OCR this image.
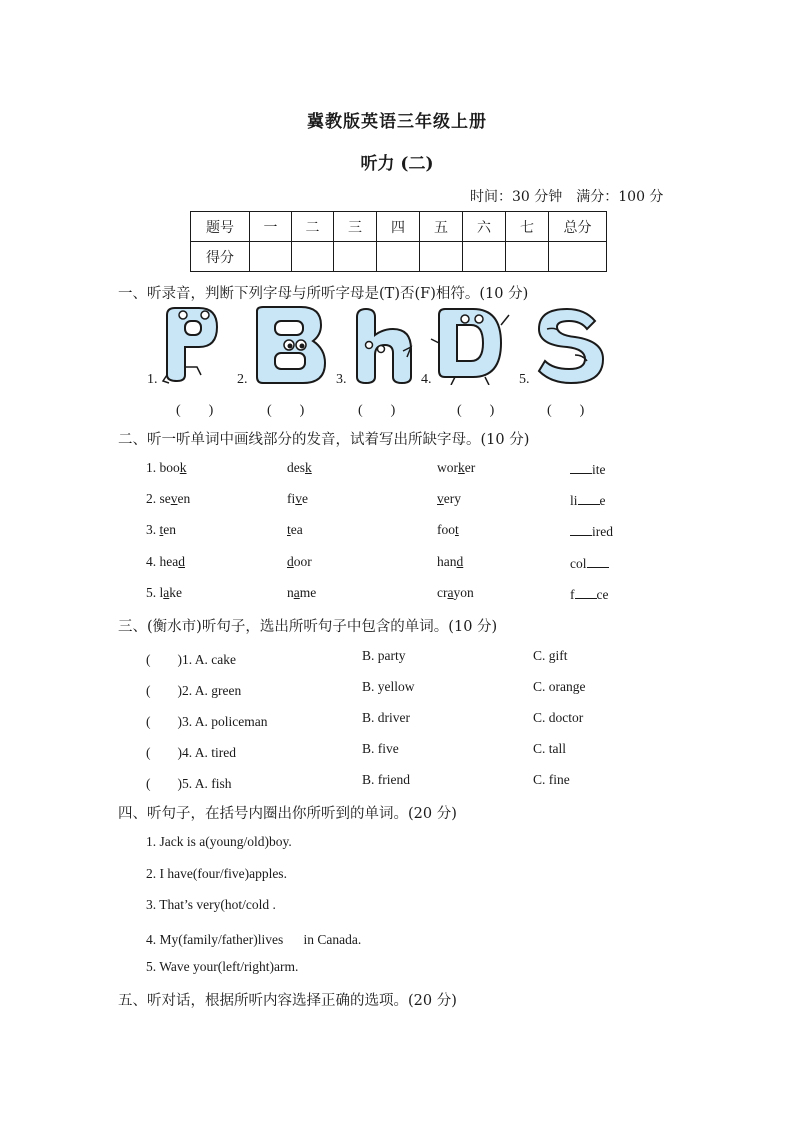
冀教版英语三年级上册
听力 (二)
时间：30 分钟　满分：100 分
题号	一	二	三	四	五	六	七	总分
得分								
一、听录音，判断下列字母与所听字母是(T)否(F)相符。(10 分)
1.	2.	3.	4.	5.
(　　)	(　　)	(　　)	(　　)	(　　)
二、听一听单词中画线部分的发音，试着写出所缺字母。(10 分)
1. book	desk	worker	ite
2. seven	five	very	li e
3. ten	tea	foot	ired
4. head	door	hand	col
5. lake	name	crayon	f ce
三、(衡水市)听句子，选出所听句子中包含的单词。(10 分)
(　　)1. A. cake	B. party	C. gift
(　　)2. A. green	B. yellow	C. orange
(　　)3. A. policeman	B. driver	C. doctor
(　　)4. A. tired	B. five	C. tall
(　　)5. A. fish	B. friend	C. fine
四、听句子，在括号内圈出你所听到的单词。(20 分)
1. Jack is a(young/old)boy.
2. I have(four/five)apples.
3. That’s very(hot/cold .
4. My(family/father)lives 　 in Canada.
5. Wave your(left/right)arm.
五、听对话，根据所听内容选择正确的选项。(20 分)
